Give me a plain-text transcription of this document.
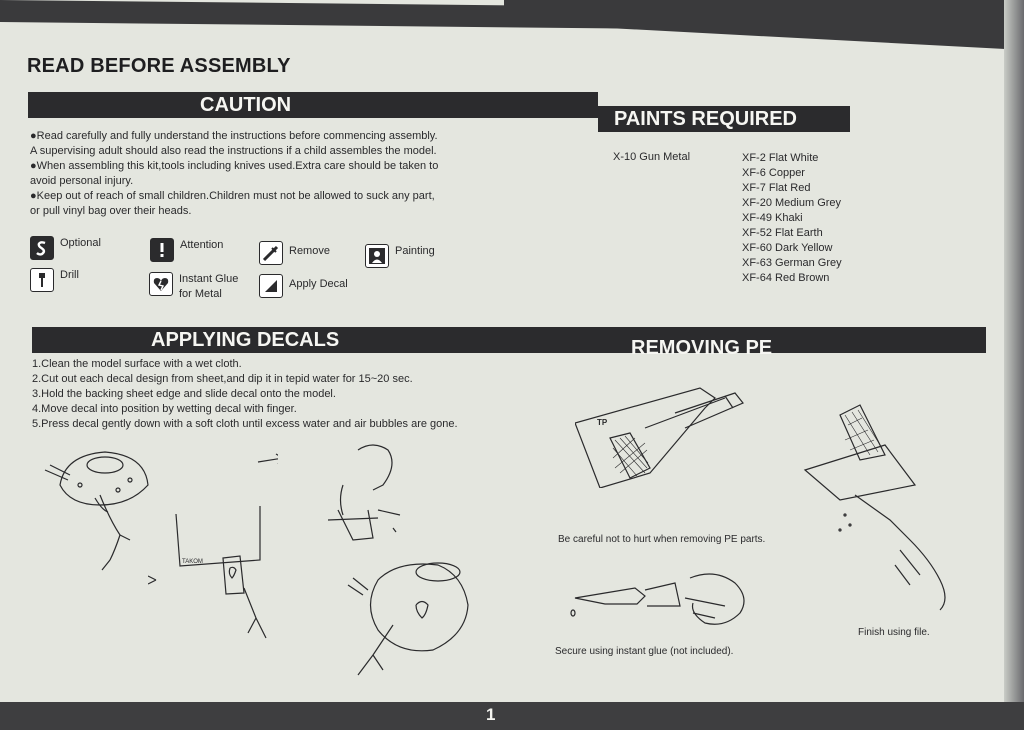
READ BEFORE ASSEMBLY
CAUTION
●Read carefully and fully understand the instructions before commencing assembly.
A supervising adult should also read the instructions if a child assembles the model.
●When assembling this kit,tools including knives used.Extra care should be taken to
avoid personal injury.
●Keep out of reach of small children.Children must not be allowed to suck any part,
or pull vinyl bag over their heads.
PAINTS REQUIRED
X-10 Gun Metal	XF-2 Flat White
XF-6 Copper
XF-7 Flat Red
XF-20 Medium Grey
XF-49 Khaki
XF-52 Flat Earth
XF-60 Dark Yellow
XF-63 German Grey
XF-64 Red Brown
Optional	Attention	Remove	Painting
Drill	Instant Glue
for Metal
Apply Decal
APPLYING DECALS	REMOVING PE
1.Clean the model surface with a wet cloth.
2.Cut out each decal design from sheet,and dip it in tepid water for 15~20 sec.
3.Hold the backing sheet edge and slide decal onto the model.
4.Move decal into position by wetting decal with finger.
5.Press decal gently down with a soft cloth until excess water and air bubbles are gone.
TAKOM
TP
Be careful not to hurt when removing PE parts.
Secure using instant glue (not included).
Finish using file.
1
